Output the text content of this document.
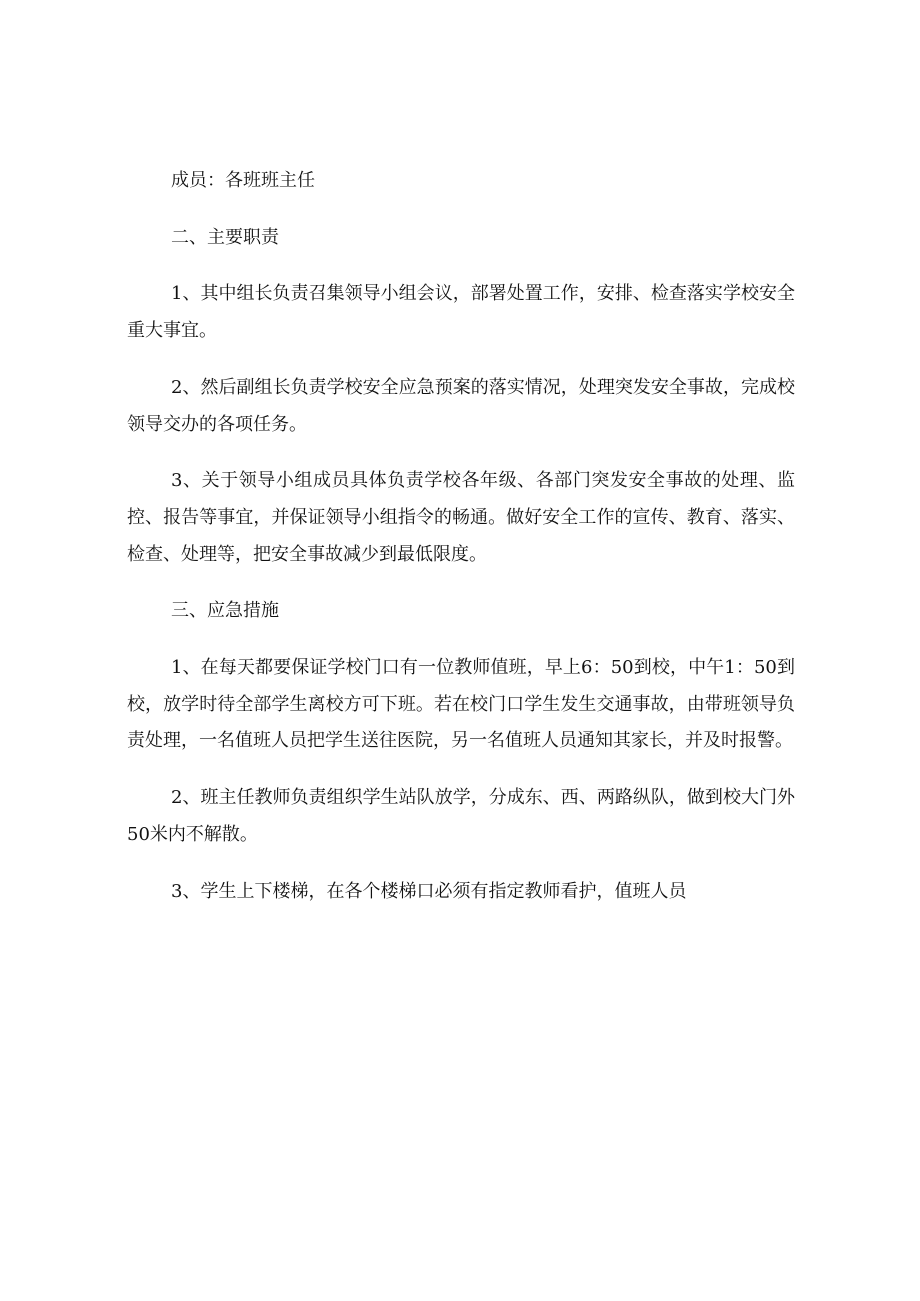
成员：各班班主任

二、主要职责

1、其中组长负责召集领导小组会议，部署处置工作，安排、检查落实学校安全重大事宜。

2、然后副组长负责学校安全应急预案的落实情况，处理突发安全事故，完成校领导交办的各项任务。

3、关于领导小组成员具体负责学校各年级、各部门突发安全事故的处理、监控、报告等事宜，并保证领导小组指令的畅通。做好安全工作的宣传、教育、落实、检查、处理等，把安全事故减少到最低限度。

三、应急措施

1、在每天都要保证学校门口有一位教师值班，早上6：50到校，中午1：50到校，放学时待全部学生离校方可下班。若在校门口学生发生交通事故，由带班领导负责处理，一名值班人员把学生送往医院，另一名值班人员通知其家长，并及时报警。

2、班主任教师负责组织学生站队放学，分成东、西、两路纵队，做到校大门外50米内不解散。

3、学生上下楼梯，在各个楼梯口必须有指定教师看护，值班人员
